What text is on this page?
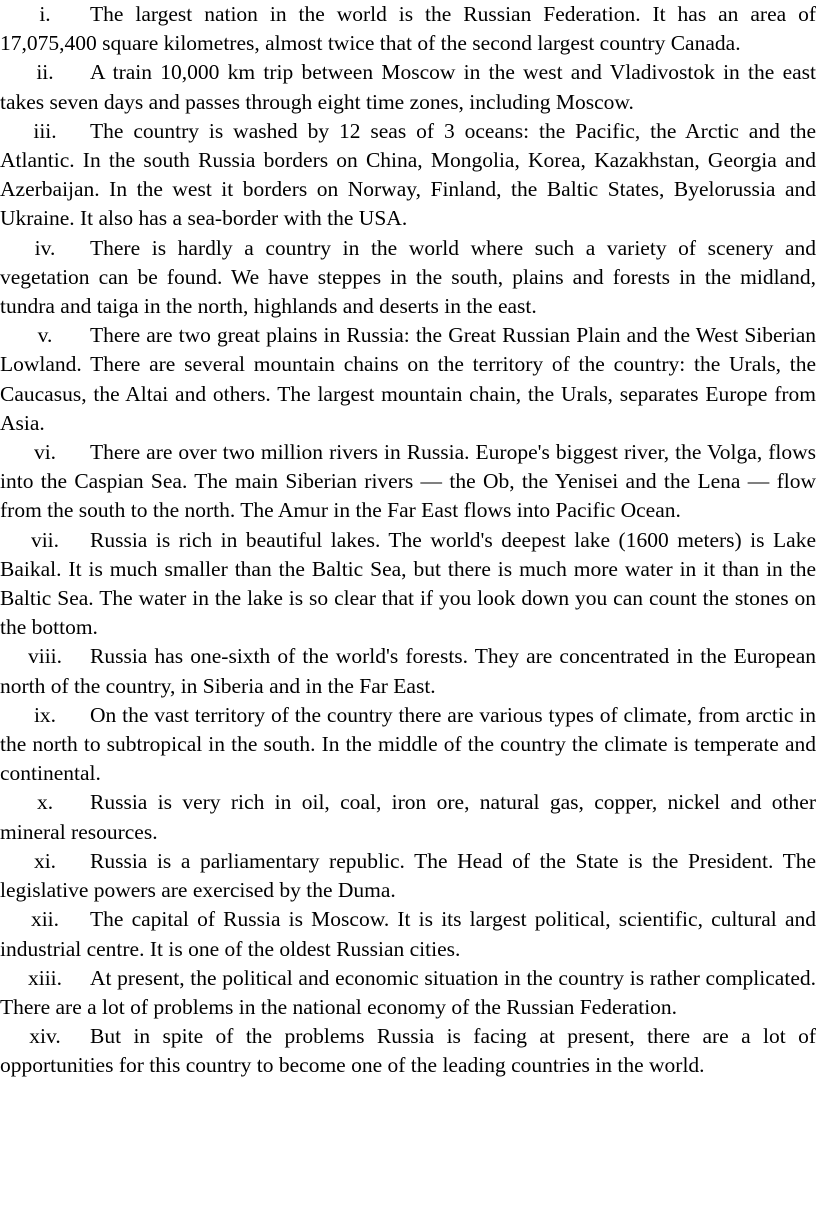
i. The largest nation in the world is the Russian Federation. It has an area of 17,075,400 square kilometres, almost twice that of the second largest country Canada.

ii. A train 10,000 km trip between Moscow in the west and Vladivostok in the east takes seven days and passes through eight time zones, including Moscow.

iii. The country is washed by 12 seas of 3 oceans: the Pacific, the Arctic and the Atlantic. In the south Russia borders on China, Mongolia, Korea, Kazakhstan, Georgia and Azerbaijan. In the west it borders on Norway, Finland, the Baltic States, Byelorussia and Ukraine. It also has a sea-border with the USA.

iv. There is hardly a country in the world where such a variety of scenery and vegetation can be found. We have steppes in the south, plains and forests in the midland, tundra and taiga in the north, highlands and deserts in the east.

v. There are two great plains in Russia: the Great Russian Plain and the West Siberian Lowland. There are several mountain chains on the territory of the country: the Urals, the Caucasus, the Altai and others. The largest mountain chain, the Urals, separates Europe from Asia.

vi. There are over two million rivers in Russia. Europe's biggest river, the Volga, flows into the Caspian Sea. The main Siberian rivers — the Ob, the Yenisei and the Lena — flow from the south to the north. The Amur in the Far East flows into Pacific Ocean.

vii. Russia is rich in beautiful lakes. The world's deepest lake (1600 meters) is Lake Baikal. It is much smaller than the Baltic Sea, but there is much more water in it than in the Baltic Sea. The water in the lake is so clear that if you look down you can count the stones on the bottom.

viii. Russia has one-sixth of the world's forests. They are concentrated in the European north of the country, in Siberia and in the Far East.

ix. On the vast territory of the country there are various types of climate, from arctic in the north to subtropical in the south. In the middle of the country the climate is temperate and continental.

x. Russia is very rich in oil, coal, iron ore, natural gas, copper, nickel and other mineral resources.

xi. Russia is a parliamentary republic. The Head of the State is the President. The legislative powers are exercised by the Duma.

xii. The capital of Russia is Moscow. It is its largest political, scientific, cultural and industrial centre. It is one of the oldest Russian cities.

xiii. At present, the political and economic situation in the country is rather complicated. There are a lot of problems in the national economy of the Russian Federation.

xiv. But in spite of the problems Russia is facing at present, there are a lot of opportunities for this country to become one of the leading countries in the world.
